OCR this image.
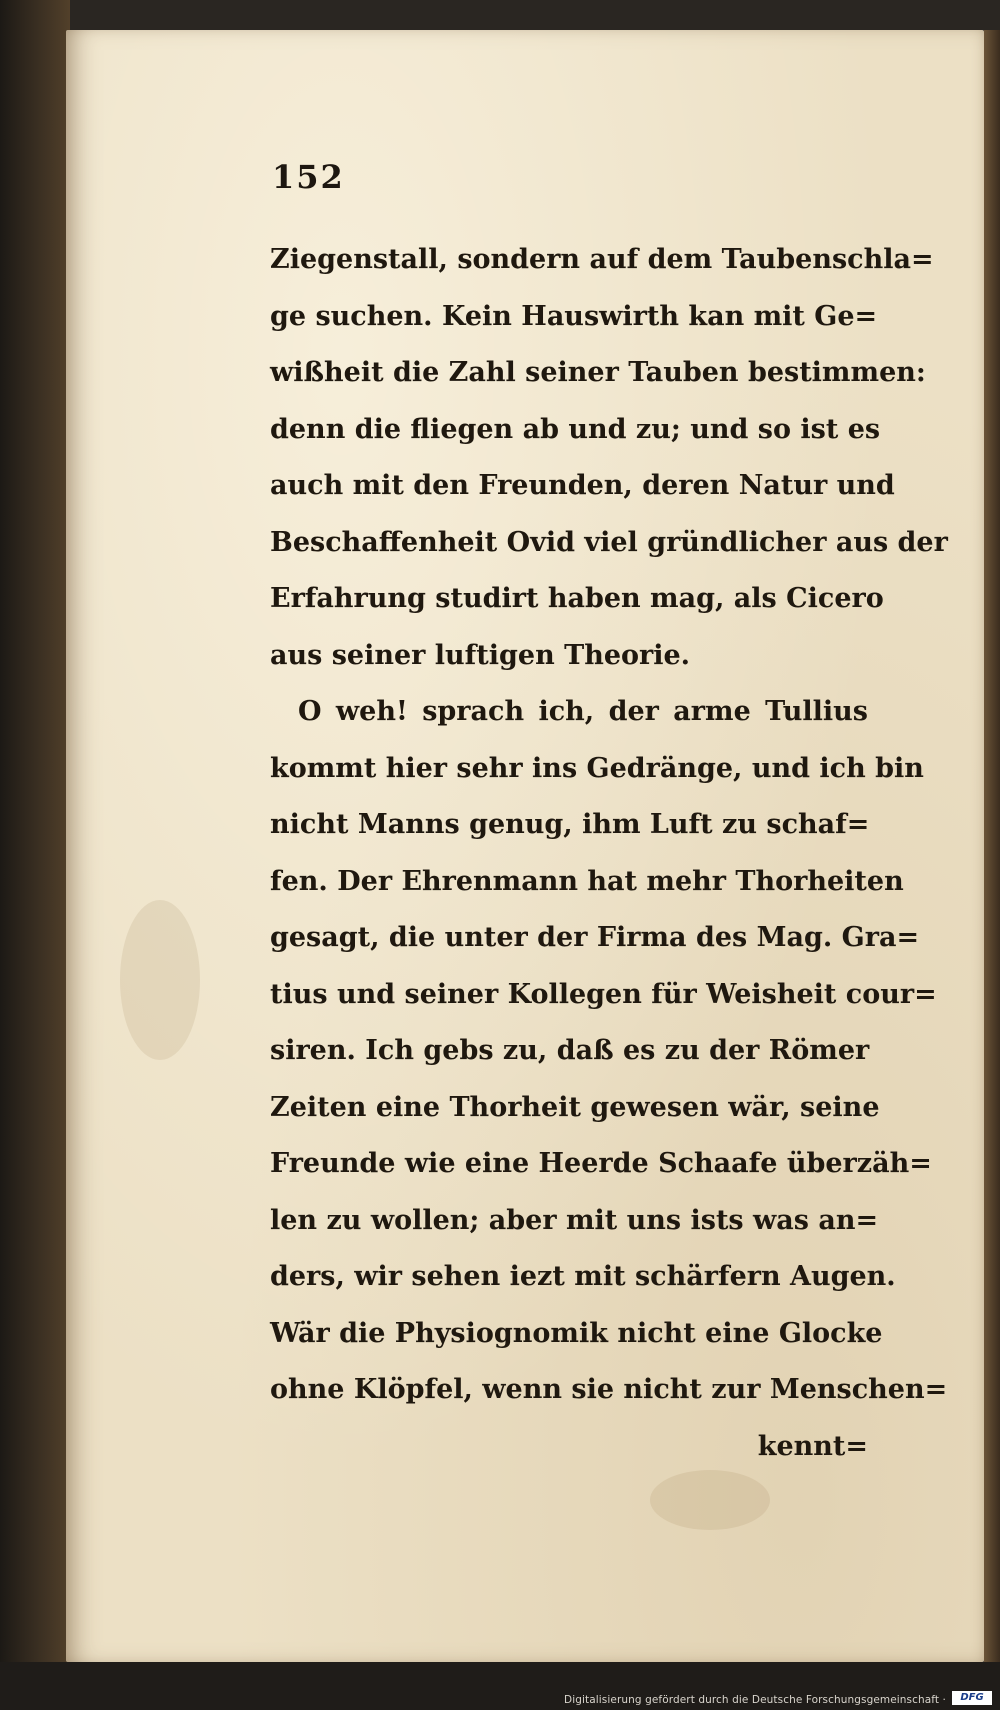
152
Ziegenstall, sondern auf dem Taubenschla=
ge suchen. Kein Hauswirth kan mit Ge=
wißheit die Zahl seiner Tauben bestimmen:
denn die fliegen ab und zu; und so ist es
auch mit den Freunden, deren Natur und
Beschaffenheit Ovid viel gründlicher aus der
Erfahrung studirt haben mag, als Cicero
aus seiner luftigen Theorie.
O weh! sprach ich, der arme Tullius
kommt hier sehr ins Gedränge, und ich bin
nicht Manns genug, ihm Luft zu schaf=
fen. Der Ehrenmann hat mehr Thorheiten
gesagt, die unter der Firma des Mag. Gra=
tius und seiner Kollegen für Weisheit cour=
siren. Ich gebs zu, daß es zu der Römer
Zeiten eine Thorheit gewesen wär, seine
Freunde wie eine Heerde Schaafe überzäh=
len zu wollen; aber mit uns ists was an=
ders, wir sehen iezt mit schärfern Augen.
Wär die Physiognomik nicht eine Glocke
ohne Klöpfel, wenn sie nicht zur Menschen=
kennt=
Digitalisierung gefördert durch die Deutsche Forschungsgemeinschaft ·	DFG
